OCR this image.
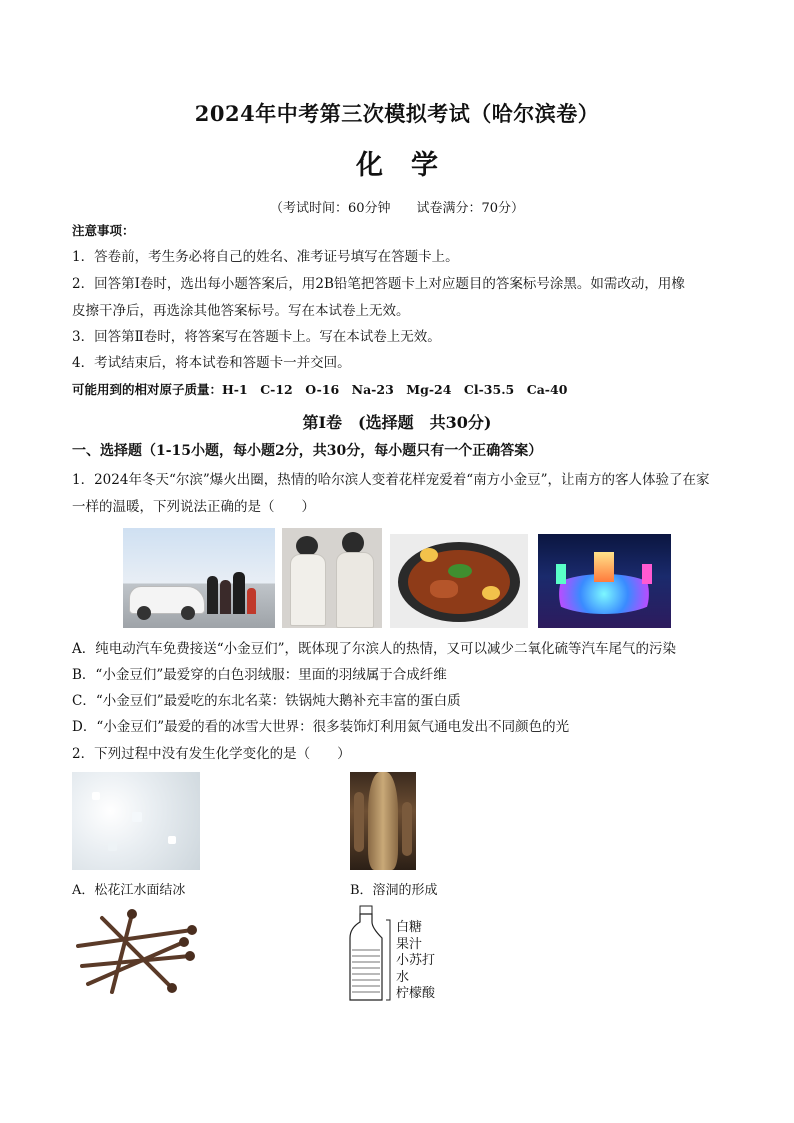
2024年中考第三次模拟考试（哈尔滨卷）
化学
（考试时间：60分钟　　试卷满分：70分）
注意事项：
1．答卷前，考生务必将自己的姓名、准考证号填写在答题卡上。
2．回答第Ⅰ卷时，选出每小题答案后，用2B铅笔把答题卡上对应题目的答案标号涂黑。如需改动，用橡
皮擦干净后，再选涂其他答案标号。写在本试卷上无效。
3．回答第Ⅱ卷时，将答案写在答题卡上。写在本试卷上无效。
4．考试结束后，将本试卷和答题卡一并交回。
可能用到的相对原子质量：H-1　C-12　O-16　Na-23　Mg-24　Cl-35.5　Ca-40
第Ⅰ卷　(选择题　共30分)
一、选择题（1-15小题，每小题2分，共30分，每小题只有一个正确答案）
1．2024年冬天“尔滨”爆火出圈，热情的哈尔滨人变着花样宠爱着“南方小金豆”，让南方的客人体验了在家
一样的温暖，下列说法正确的是（　　）
A．纯电动汽车免费接送“小金豆们”，既体现了尔滨人的热情，又可以减少二氧化硫等汽车尾气的污染
B．“小金豆们”最爱穿的白色羽绒服：里面的羽绒属于合成纤维
C．“小金豆们”最爱吃的东北名菜：铁锅炖大鹅补充丰富的蛋白质
D．“小金豆们”最爱的看的冰雪大世界：很多装饰灯利用氮气通电发出不同颜色的光
2．下列过程中没有发生化学变化的是（　　）
A．松花江水面结冰	B．溶洞的形成
白糖
果汁
小苏打
水
柠檬酸
